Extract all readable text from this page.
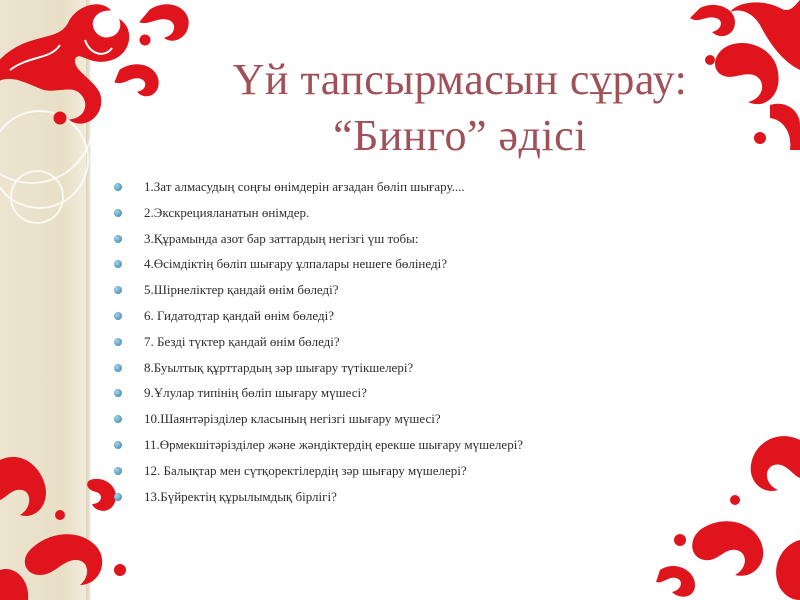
Үй тапсырмасын сұрау:
“Бинго” әдісі
1.Зат алмасудың соңғы өнімдерін ағзадан бөліп шығару....
2.Экскрецияланатын өнімдер.
3.Құрамында азот бар заттардың негізгі үш тобы:
4.Өсімдіктің бөліп шығару ұлпалары нешеге бөлінеді?
5.Шірнеліктер қандай өнім бөледі?
6. Гидатодтар қандай өнім бөледі?
7. Безді түктер қандай өнім бөледі?
8.Буылтық құрттардың зәр шығару түтікшелері?
9.Ұлулар типінің бөліп шығару мүшесі?
10.Шаянтәрізділер класының негізгі шығару мүшесі?
11.Өрмекшітәрізділер және жәндіктердің ерекше шығару мүшелері?
12. Балықтар мен сүтқоректілердің зәр шығару мүшелері?
13.Бүйректің құрылымдық бірлігі?
